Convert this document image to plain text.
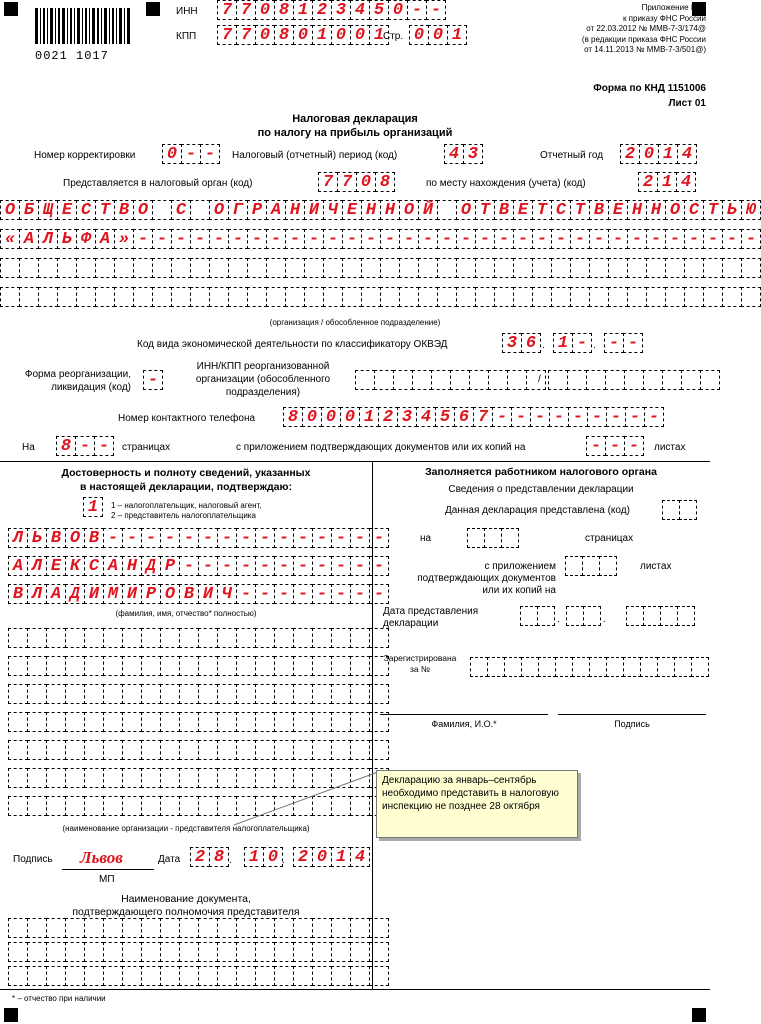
0021 1017
ИНН 7 7 0 8 1 2 3 4 5 0 - -
КПП 7 7 0 8 0 1 0 0 1
Стр. 0 0 1
Приложение № 1
к приказу ФНС России
от 22.03.2012 № ММВ-7-3/174@
(в редакции приказа ФНС России
от 14.11.2013 № ММВ-7-3/501@)
Форма по КНД 1151006
Лист 01
Налоговая декларация
по налогу на прибыль организаций
Номер корректировки 0 - -	Налоговый (отчетный) период (код)	4 3	Отчетный год 2 0 1 4
Представляется в налоговый орган (код)	7 7 0 8	по месту нахождения (учета) (код)	2 1 4
О Б Щ Е С Т В О С О Г Р А Н И Ч Е Н Н О Й О Т В Е Т С Т В Е Н Н О С Т Ь Ю
« А Л Ь Ф А » - - - - - - - - - - - - - - - - - - - - - - - - - - - - - - - - -
(организация / обособленное подразделение)
Код вида экономической деятельности по классификатору ОКВЭД	3 6 . 1 - . - -
Форма реорганизации,
ликвидация (код) -
ИНН/КПП реорганизованной
организации (обособленного
подразделения)
/
Номер контактного телефона 8 0 0 0 1 2 3 4 5 6 7 - - - - - - - - -
На 8 - -	страницах	с приложением подтверждающих документов или их копий на	- - -	листах
Достоверность и полноту сведений, указанных
в настоящей декларации, подтверждаю:
1	1 – налогоплательщик, налоговый агент,
2 – представитель налогоплательщика
Л Ь В О В - - - - - - - - - - - - - - -
А Л Е К С А Н Д Р - - - - - - - - - - -
В Л А Д И М И Р О В И Ч - - - - - - - -
(фамилия, имя, отчество* полностью)
(наименование организации - представителя налогоплательщика)
Подпись Львов
МП
Дата 2 8 . 1 0 . 2 0 1 4
Наименование документа,
подтверждающего полномочия представителя
* – отчество при наличии
Заполняется работником налогового органа
Сведения о представлении декларации
Данная декларация представлена (код)
на	страницах
с приложением
подтверждающих документов
или их копий на
листах
Дата представления
декларации	.	.
Зарегистрирована
за №
Фамилия, И.О.*	Подпись
Декларацию за январь–сентябрь необходимо представить в налоговую инспекцию не позднее 28 октября
